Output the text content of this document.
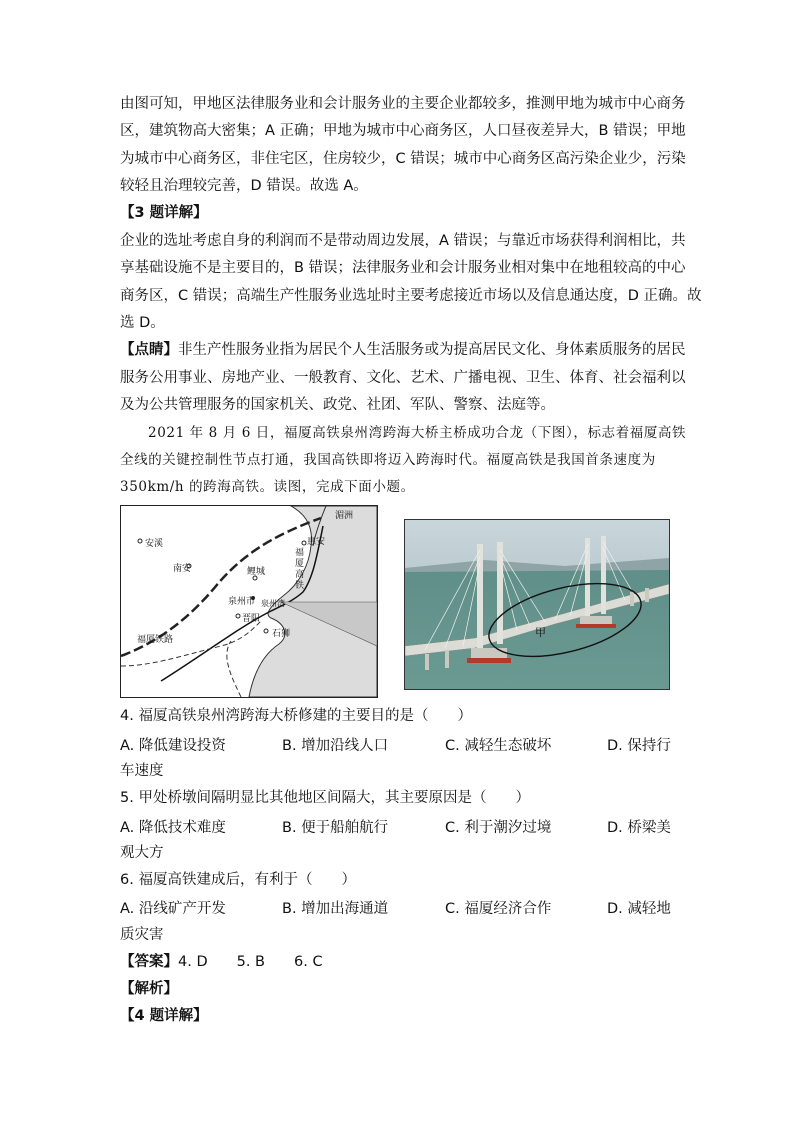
由图可知，甲地区法律服务业和会计服务业的主要企业都较多，推测甲地为城市中心商务
区，建筑物高大密集；A 正确；甲地为城市中心商务区，人口昼夜差异大，B 错误；甲地
为城市中心商务区，非住宅区，住房较少，C 错误；城市中心商务区高污染企业少，污染
较轻且治理较完善，D 错误。故选 A。
【3 题详解】
企业的选址考虑自身的利润而不是带动周边发展，A 错误；与靠近市场获得利润相比，共
享基础设施不是主要目的，B 错误；法律服务业和会计服务业相对集中在地租较高的中心
商务区，C 错误；高端生产性服务业选址时主要考虑接近市场以及信息通达度，D 正确。故
选 D。
【点睛】非生产性服务业指为居民个人生活服务或为提高居民文化、身体素质服务的居民
服务公用事业、房地产业、一般教育、文化、艺术、广播电视、卫生、体育、社会福利以
及为公共管理服务的国家机关、政党、社团、军队、警察、法庭等。
2021 年 8 月 6 日，福厦高铁泉州湾跨海大桥主桥成功合龙（下图），标志着福厦高铁
全线的关键控制性节点打通，我国高铁即将迈入跨海时代。福厦高铁是我国首条速度为
350km/h 的跨海高铁。读图，完成下面小题。
安溪
南安	鲤城
泉州市
晋阳
石狮
惠安
福厦高铁
泉州湾
福厦铁路
湄洲
甲
4. 福厦高铁泉州湾跨海大桥修建的主要目的是（　　）
A. 降低建设投资	B. 增加沿线人口	C. 减轻生态破坏	D. 保持行
车速度
5. 甲处桥墩间隔明显比其他地区间隔大，其主要原因是（　　）
A. 降低技术难度	B. 便于船舶航行	C. 利于潮汐过境	D. 桥梁美
观大方
6. 福厦高铁建成后，有利于（　　）
A. 沿线矿产开发	B. 增加出海通道	C. 福厦经济合作	D. 减轻地
质灾害
【答案】4. D　　5. B　　6. C
【解析】
【4 题详解】
